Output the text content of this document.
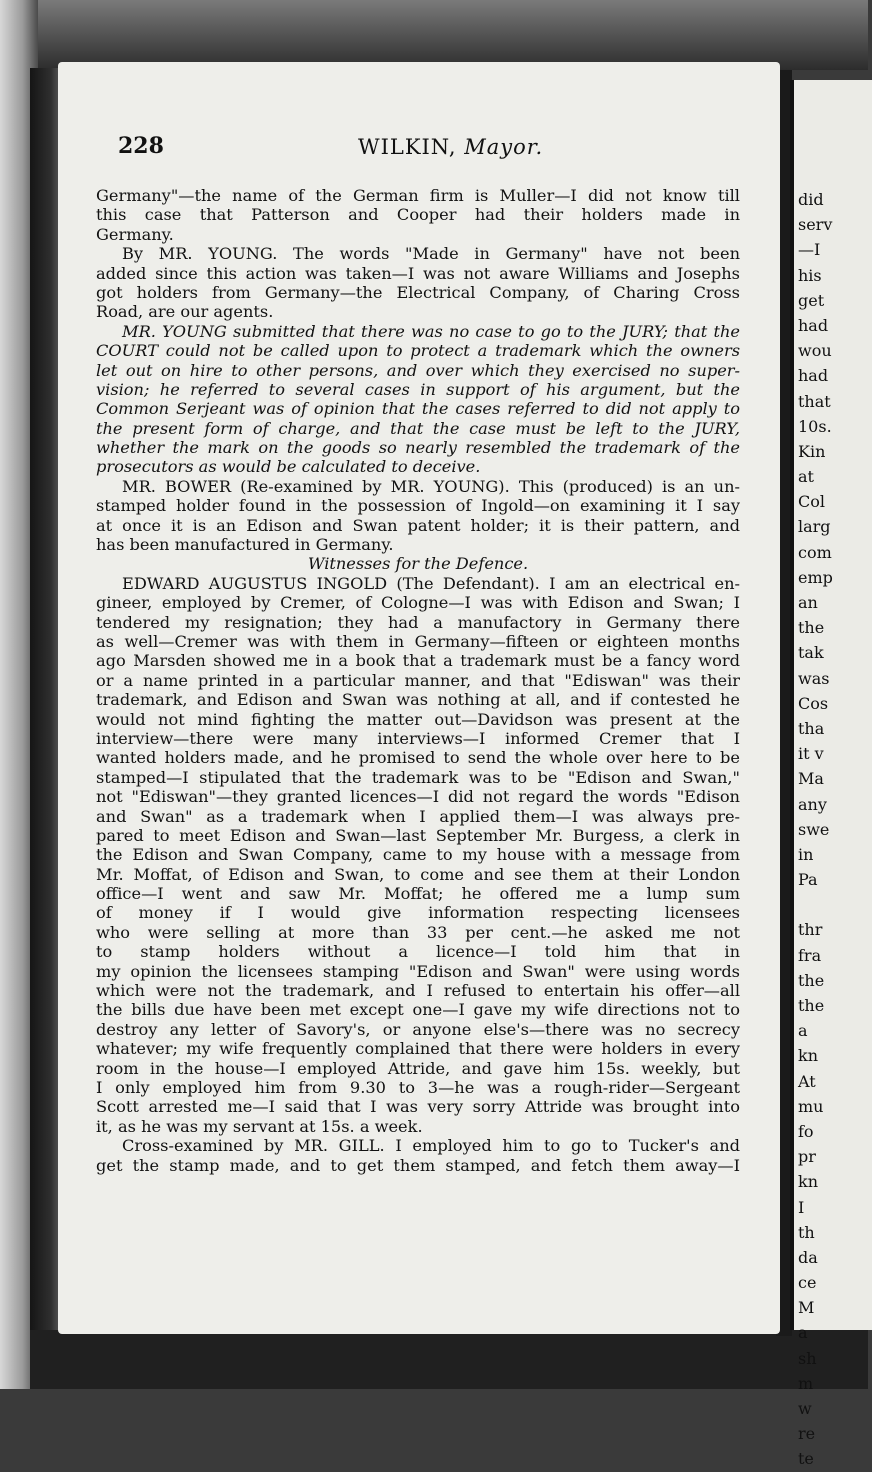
228	WILKIN, Mayor.
Germany"—the name of the German firm is Muller—I did not know till
this case that Patterson and Cooper had their holders made in
Germany.
By MR. YOUNG. The words "Made in Germany" have not been
added since this action was taken—I was not aware Williams and Josephs
got holders from Germany—the Electrical Company, of Charing Cross
Road, are our agents.
MR. YOUNG submitted that there was no case to go to the JURY; that the
COURT could not be called upon to protect a trademark which the owners
let out on hire to other persons, and over which they exercised no super-
vision; he referred to several cases in support of his argument, but the
Common Serjeant was of opinion that the cases referred to did not apply to
the present form of charge, and that the case must be left to the JURY,
whether the mark on the goods so nearly resembled the trademark of the
prosecutors as would be calculated to deceive.
MR. BOWER (Re-examined by MR. YOUNG). This (produced) is an un-
stamped holder found in the possession of Ingold—on examining it I say
at once it is an Edison and Swan patent holder; it is their pattern, and
has been manufactured in Germany.
Witnesses for the Defence.
EDWARD AUGUSTUS INGOLD (The Defendant). I am an electrical en-
gineer, employed by Cremer, of Cologne—I was with Edison and Swan; I
tendered my resignation; they had a manufactory in Germany there
as well—Cremer was with them in Germany—fifteen or eighteen months
ago Marsden showed me in a book that a trademark must be a fancy word
or a name printed in a particular manner, and that "Ediswan" was their
trademark, and Edison and Swan was nothing at all, and if contested he
would not mind fighting the matter out—Davidson was present at the
interview—there were many interviews—I informed Cremer that I
wanted holders made, and he promised to send the whole over here to be
stamped—I stipulated that the trademark was to be "Edison and Swan,"
not "Ediswan"—they granted licences—I did not regard the words "Edison
and Swan" as a trademark when I applied them—I was always pre-
pared to meet Edison and Swan—last September Mr. Burgess, a clerk in
the Edison and Swan Company, came to my house with a message from
Mr. Moffat, of Edison and Swan, to come and see them at their London
office—I went and saw Mr. Moffat; he offered me a lump sum
of money if I would give information respecting licensees
who were selling at more than 33 per cent.—he asked me not
to stamp holders without a licence—I told him that in
my opinion the licensees stamping "Edison and Swan" were using words
which were not the trademark, and I refused to entertain his offer—all
the bills due have been met except one—I gave my wife directions not to
destroy any letter of Savory's, or anyone else's—there was no secrecy
whatever; my wife frequently complained that there were holders in every
room in the house—I employed Attride, and gave him 15s. weekly, but
I only employed him from 9.30 to 3—he was a rough-rider—Sergeant
Scott arrested me—I said that I was very sorry Attride was brought into
it, as he was my servant at 15s. a week.
Cross-examined by MR. GILL. I employed him to go to Tucker's and
get the stamp made, and to get them stamped, and fetch them away—I
did
serv
—I
his
get
had
wou
had
that
10s.
Kin
at
Col
larg
com
emp
an
the
tak
was
Cos
tha
it v
Ma
any
swe
in
Pa
thr
fra
the
the
a
kn
At
mu
fo
pr
kn
I
th
da
ce
M
a
sh
m
w
re
te
